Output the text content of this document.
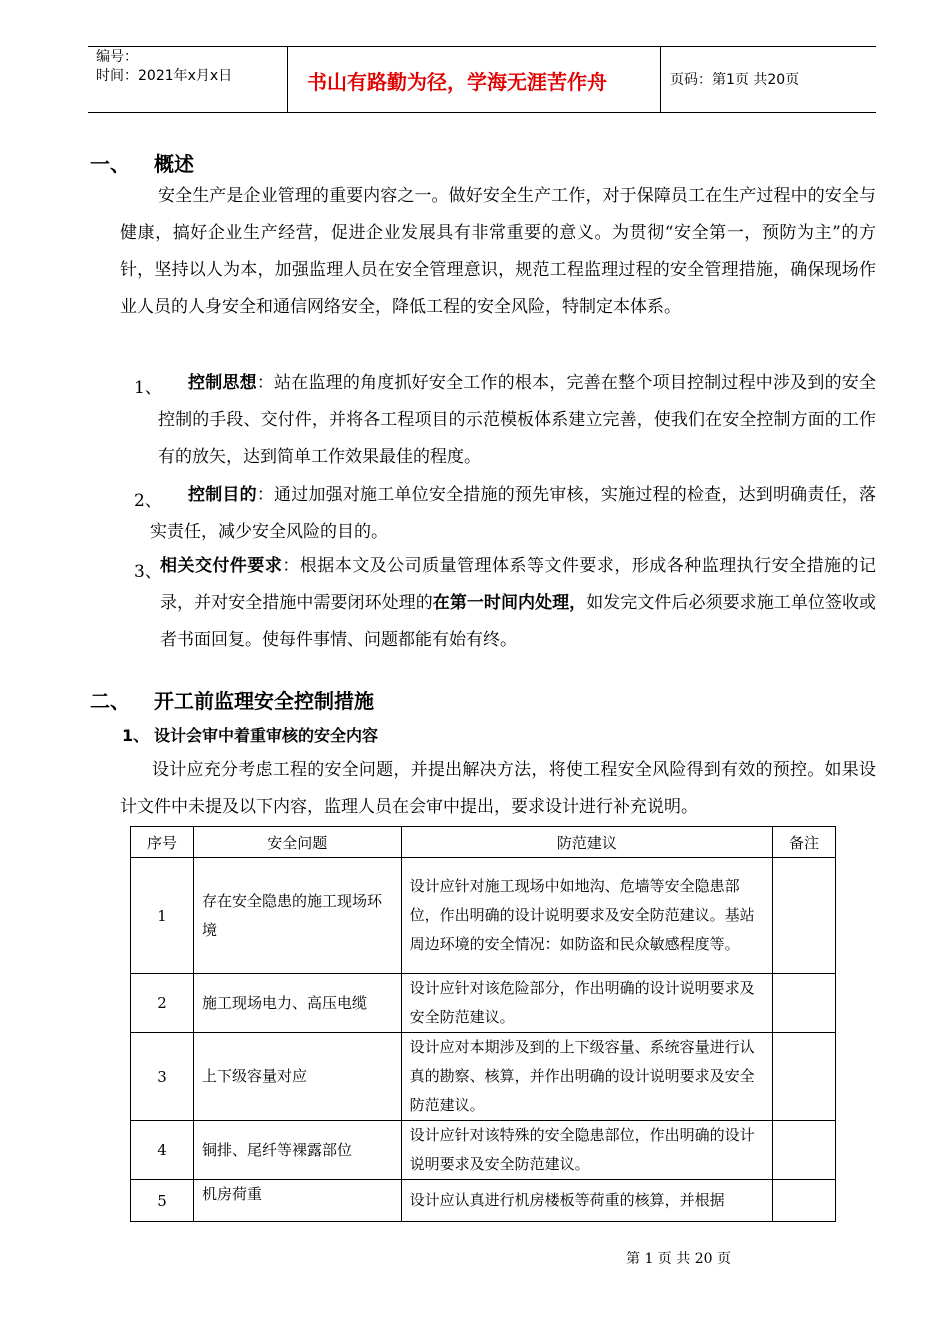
编号：
时间：2021年x月x日	书山有路勤为径，学海无涯苦作舟	页码：第1页 共20页
一、 概述

安全生产是企业管理的重要内容之一。做好安全生产工作，对于保障员工在生产过程中的安全与健康，搞好企业生产经营，促进企业发展具有非常重要的意义。为贯彻“安全第一，预防为主”的方针，坚持以人为本，加强监理人员在安全管理意识，规范工程监理过程的安全管理措施，确保现场作业人员的人身安全和通信网络安全，降低工程的安全风险，特制定本体系。

1、	控制思想：站在监理的角度抓好安全工作的根本，完善在整个项目控制过程中涉及到的安全控制的手段、交付件，并将各工程项目的示范模板体系建立完善，使我们在安全控制方面的工作有的放矢，达到简单工作效果最佳的程度。

2、	控制目的：通过加强对施工单位安全措施的预先审核，实施过程的检查，达到明确责任，落实责任，减少安全风险的目的。

3、

相关交付件要求：根据本文及公司质量管理体系等文件要求，形成各种监理执行安全措施的记录，并对安全措施中需要闭环处理的在第一时间内处理，如发完文件后必须要求施工单位签收或者书面回复。使每件事情、问题都能有始有终。

二、 开工前监理安全控制措施
1、 设计会审中着重审核的安全内容

设计应充分考虑工程的安全问题，并提出解决方法，将使工程安全风险得到有效的预控。如果设计文件中未提及以下内容，监理人员在会审中提出，要求设计进行补充说明。

序号	安全问题	防范建议	备注
1	存在安全隐患的施工现场环境	设计应针对施工现场中如地沟、危墙等安全隐患部位，作出明确的设计说明要求及安全防范建议。基站周边环境的安全情况：如防盗和民众敏感程度等。	
2	施工现场电力、高压电缆	设计应针对该危险部分，作出明确的设计说明要求及安全防范建议。	
3	上下级容量对应	设计应对本期涉及到的上下级容量、系统容量进行认真的勘察、核算，并作出明确的设计说明要求及安全防范建议。	
4	铜排、尾纤等裸露部位	设计应针对该特殊的安全隐患部位，作出明确的设计说明要求及安全防范建议。	
5	机房荷重	设计应认真进行机房楼板等荷重的核算，并根据	
第 1 页 共 20 页
